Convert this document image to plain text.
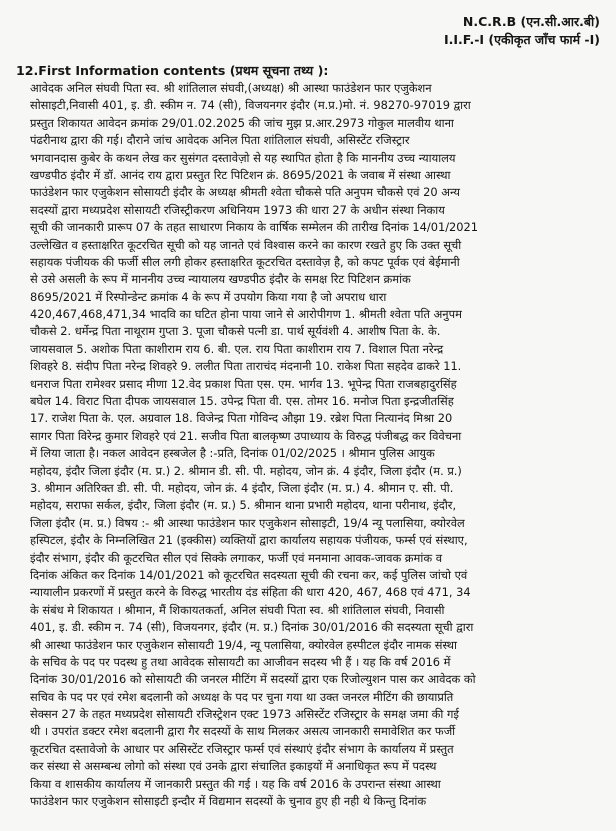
N.C.R.B (एन.सी.आर.बी)
I.I.F.-I (एकीकृत जाँच फार्म -I)
12.First Information contents (प्रथम सूचना तथ्य ):
आवेदक अनिल संघवी पिता स्व. श्री शांतिलाल संघवी,(अध्यक्ष) श्री आस्था फाउंडेशन फार एजुकेशन
सोसाइटी,निवासी 401, इ. डी. स्कीम न. 74 (सी), विजयनगर इंदौर (म.प्र.)मो. नं. 98270-97019 द्वारा
प्रस्तुत शिकायत आवेदन क्रमांक 29/01.02.2025 की जांच मुझ प्र.आर.2973 गोकुल मालवीय थाना
पंढरीनाथ द्वारा की गई। दौराने जांच आवेदक अनिल पिता शांतिलाल संघवी, असिस्टेंट रजिस्ट्रार
भगवानदास कुबेर के कथन लेख कर सुसंगत दस्तावेज़ो से यह स्थापित होता है कि माननीय उच्च न्यायालय
खण्डपीठ इंदौर में डॉ. आनंद राय द्वारा प्रस्तुत रिट पिटिशन क्रं. 8695/2021 के जवाब में संस्था आस्था
फाउंडेशन फार एजुकेशन सोसायटी इंदौर के अध्यक्ष श्रीमती श्वेता चौकसे पति अनुपम चौकसे एवं 20 अन्य
सदस्यों द्वारा मध्यप्रदेश सोसायटी रजिस्ट्रीकरण अधिनियम 1973 की धारा 27 के अधीन संस्था निकाय
सूची की जानकारी प्रारूप 07 के तहत साधारण निकाय के वार्षिक सम्मेलन की तारीख दिनांक 14/01/2021
उल्लेखित व हस्ताक्षरित कूटरचित सूची को यह जानते एवं विश्वास करने का कारण रखते हुए कि उक्त सूची
सहायक पंजीयक की फर्जी सील लगी होकर हस्ताक्षरित कूटरचित दस्तावेज़ है, को कपट पूर्वक एवं बेईमानी
से उसे असली के रूप में माननीय उच्च न्यायालय खण्डपीठ इंदौर के समक्ष रिट पिटिशन क्रमांक
8695/2021 में रिस्पोन्डेन्ट क्रमांक 4 के रूप में उपयोग किया गया है जो अपराध धारा
420,467,468,471,34 भादवि का घटित होना पाया जाने से आरोपीगण 1. श्रीमती श्वेता पति अनुपम
चौकसे 2. धर्मेन्द्र पिता नाथूराम गुप्ता 3. पूजा चौकसे पत्नी डा. पार्थ सूर्यवंशी 4. आशीष पिता के. के.
जायसवाल 5. अशोक पिता काशीराम राय 6. बी. एल. राय पिता काशीराम राय 7. विशाल पिता नरेन्द्र
शिवहरे 8. संदीप पिता नरेन्द्र शिवहरे 9. ललीत पिता ताराचंद मंदनानी 10. राकेश पिता सहदेव ढाकरे 11.
धनराज पिता रामेश्वर प्रसाद मीणा 12.वेद प्रकाश पिता एस. एम. भार्गव 13. भूपेन्द्र पिता राजबहादुरसिंह
बघेल 14. विराट पिता दीपक जायसवाल 15. उपेन्द्र पिता वी. एस. तोमर 16. मनोज पिता इन्द्रजीतसिंह
17. राजेश पिता के. एल. अग्रवाल 18. विजेन्द्र पिता गोविन्द औझा 19. रब्रेश पिता नित्यानंद मिश्रा 20
सागर पिता विरेन्द्र कुमार शिवहरे एवं 21. सजीव पिता बालकृष्ण उपाध्याय के विरुद्ध पंजीबद्ध कर विवेचना
में लिया जाता है। नकल आवेदन हस्बजेल है :-प्रति, दिनांक 01/02/2025 । श्रीमान पुलिस आयुक
महोदय, इंदौर जिला इंदौर (म. प्र.) 2. श्रीमान डी. सी. पी. महोदय, जोन क्रं. 4 इंदौर, जिला इंदौर (म. प्र.)
3. श्रीमान अतिरिक्त डी. सी. पी. महोदय, जोन क्रं. 4 इंदौर, जिला इंदौर (म. प्र.) 4. श्रीमान ए. सी. पी.
महोदय, सराफा सर्कल, इंदौर, जिला इंदौर (म. प्र.) 5. श्रीमान थाना प्रभारी महोदय, थाना परीनाथ, इंदौर,
जिला इंदौर (म. प्र.) विषय :- श्री आस्था फाउंडेशन फार एजुकेशन सोसाइटी, 19/4 न्यू पलासिया, क्योरवेल
हस्पिटल, इंदौर के निम्नलिखित 21 (इक्कीस) व्यक्तियों द्वारा कार्यालय सहायक पंजीयक, फर्म्स एवं संस्थाए,
इंदौर संभाग, इंदौर की कूटरचित सील एवं सिक्के लगाकर, फर्जी एवं मनमाना आवक-जावक क्रमांक व
दिनांक अंकित कर दिनांक 14/01/2021 को कूटरचित सदस्यता सूची की रचना कर, कई पुलिस जांचो एवं
न्यायालीन प्रकरणों में प्रस्तुत करने के विरुद्ध भारतीय दंड संहिता की धारा 420, 467, 468 एवं 471, 34
के संबंध मे शिकायत । श्रीमान, मैं शिकायतकर्ता, अनिल संघवी पिता स्व. श्री शांतिलाल संघवी, निवासी
401, इ. डी. स्कीम न. 74 (सी), विजयनगर, इंदौर (म. प्र.) दिनांक 30/01/2016 की सदस्यता सूची द्वारा
श्री आस्था फाउंडेशन फार एजुकेशन सोसायटी 19/4, न्यू पलासिया, क्योरवेल हस्पीटल इंदौर नामक संस्था
के सचिव के पद पर पदस्थ हु तथा आवेदक सोसायटी का आजीवन सदस्य भी हैं । यह कि वर्ष 2016 में
दिनांक 30/01/2016 को सोसायटी की जनरल मीटिंग में सदस्यों द्वारा एक रिजोल्युशन पास कर आवेदक को
सचिव के पद पर एवं रमेश बदलानी को अध्यक्ष के पद पर चुना गया था उक्त जनरल मीटिंग की छायाप्रति
सेक्सन 27 के तहत मध्यप्रदेश सोसायटी रजिस्ट्रेशन एक्ट 1973 असिस्टेंट रजिस्ट्रार के समक्ष जमा की गई
थी । उपरांत डक्टर रमेश बदलानी द्वारा गैर सदस्यों के साथ मिलकर असत्य जानकारी समावेशित कर फर्जी
कूटरचित दस्तावेजो के आधार पर असिस्टेंट रजिस्ट्रार फर्म्स एवं संस्थाएं इंदौर संभाग के कार्यालय में प्रस्तुत
कर संस्था से असम्बन्ध लोगो को संस्था एवं उनके द्वारा संचालित इकाइयों में अनाधिकृत रूप में पदस्थ
किया व शासकीय कार्यालय में जानकारी प्रस्तुत की गई । यह कि वर्ष 2016 के उपरान्त संस्था आस्था
फाउंडेशन फार एजुकेशन सोसाइटी इन्दौर में विद्यमान सदस्यों के चुनाव हुए ही नही थे किन्तु दिनांक
